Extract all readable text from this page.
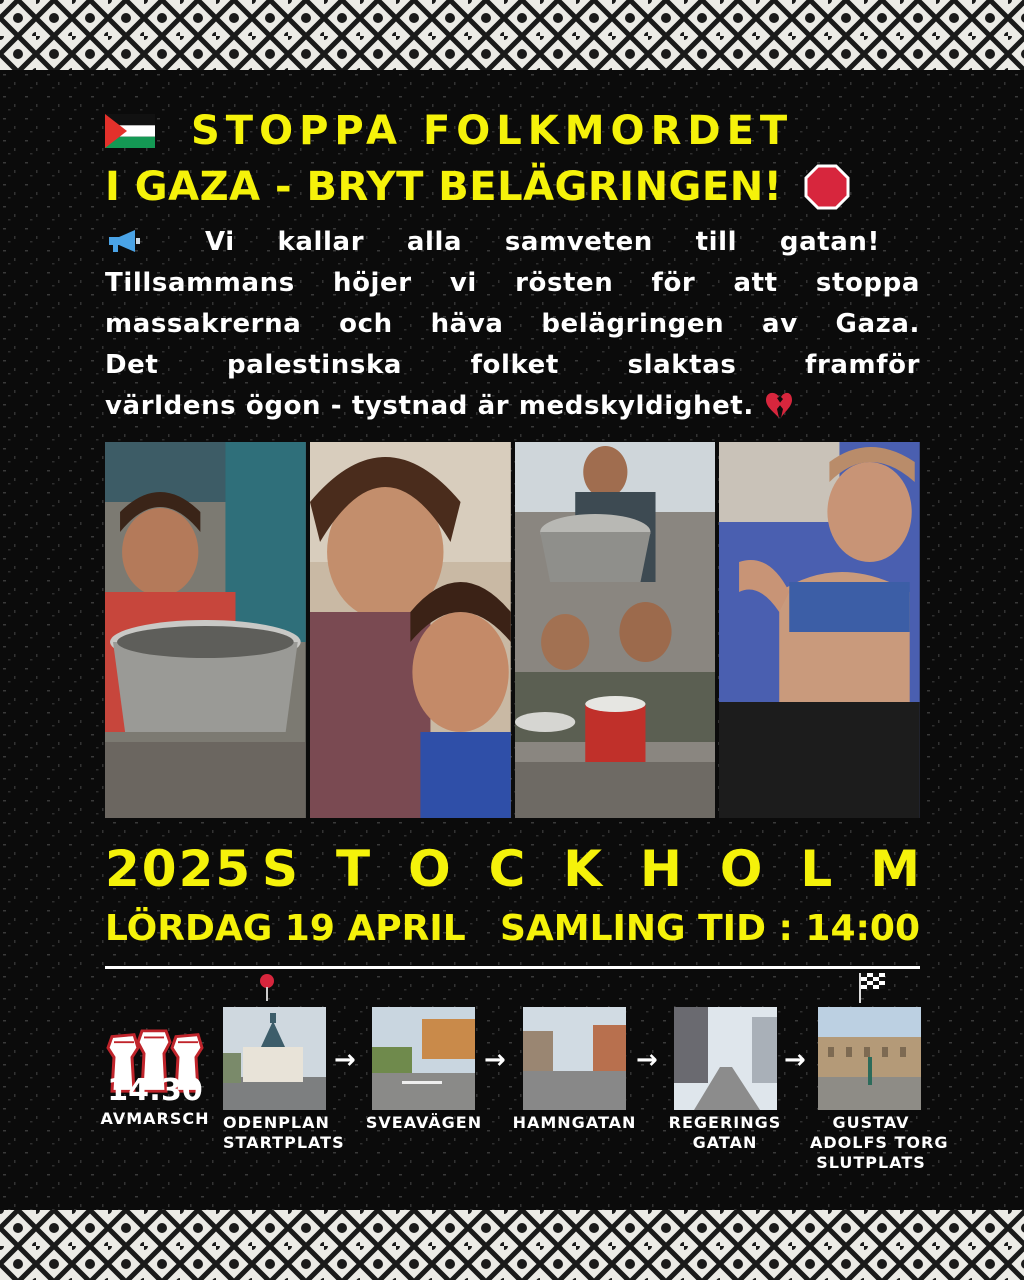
STOPPA FOLKMORDET
I GAZA - BRYT BELÄGRINGEN!
Vi kallar alla samveten till gatan!
Tillsammans höjer vi rösten för att stoppa
massakrerna och häva belägringen av Gaza.
Det palestinska folket slaktas framför
världens ögon - tystnad är medskyldighet.
2025 STOCKHOLM
LÖRDAG 19 APRIL SAMLING TID : 14:00
14:30
AVMARSCH ODENPLAN
STARTPLATS
→
SVEAVÄGEN
→
HAMNGATAN
→
REGERINGS
GATAN
→
GUSTAV
ADOLFS TORG
SLUTPLATS
